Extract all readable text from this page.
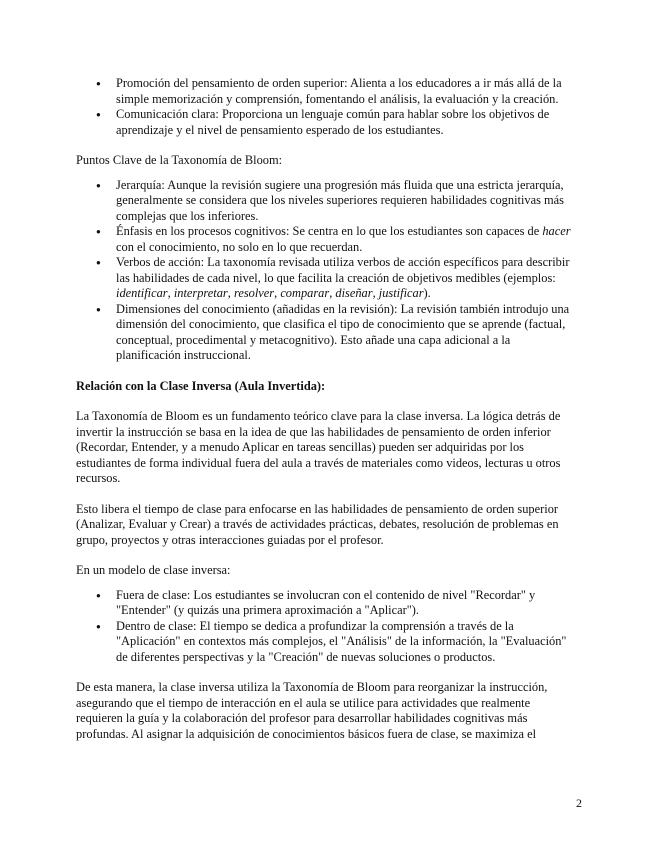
● Promoción del pensamiento de orden superior: Alienta a los educadores a ir más allá de la simple memorización y comprensión, fomentando el análisis, la evaluación y la creación.
● Comunicación clara: Proporciona un lenguaje común para hablar sobre los objetivos de aprendizaje y el nivel de pensamiento esperado de los estudiantes.

Puntos Clave de la Taxonomía de Bloom:

● Jerarquía: Aunque la revisión sugiere una progresión más fluida que una estricta jerarquía, generalmente se considera que los niveles superiores requieren habilidades cognitivas más complejas que los inferiores.
● Énfasis en los procesos cognitivos: Se centra en lo que los estudiantes son capaces de hacer con el conocimiento, no solo en lo que recuerdan.
● Verbos de acción: La taxonomía revisada utiliza verbos de acción específicos para describir las habilidades de cada nivel, lo que facilita la creación de objetivos medibles (ejemplos: identificar, interpretar, resolver, comparar, diseñar, justificar).
● Dimensiones del conocimiento (añadidas en la revisión): La revisión también introdujo una dimensión del conocimiento, que clasifica el tipo de conocimiento que se aprende (factual, conceptual, procedimental y metacognitivo). Esto añade una capa adicional a la planificación instruccional.
Relación con la Clase Inversa (Aula Invertida):

La Taxonomía de Bloom es un fundamento teórico clave para la clase inversa. La lógica detrás de invertir la instrucción se basa en la idea de que las habilidades de pensamiento de orden inferior (Recordar, Entender, y a menudo Aplicar en tareas sencillas) pueden ser adquiridas por los estudiantes de forma individual fuera del aula a través de materiales como videos, lecturas u otros recursos.

Esto libera el tiempo de clase para enfocarse en las habilidades de pensamiento de orden superior (Analizar, Evaluar y Crear) a través de actividades prácticas, debates, resolución de problemas en grupo, proyectos y otras interacciones guiadas por el profesor.

En un modelo de clase inversa:

● Fuera de clase: Los estudiantes se involucran con el contenido de nivel "Recordar" y "Entender" (y quizás una primera aproximación a "Aplicar").
● Dentro de clase: El tiempo se dedica a profundizar la comprensión a través de la "Aplicación" en contextos más complejos, el "Análisis" de la información, la "Evaluación" de diferentes perspectivas y la "Creación" de nuevas soluciones o productos.

De esta manera, la clase inversa utiliza la Taxonomía de Bloom para reorganizar la instrucción, asegurando que el tiempo de interacción en el aula se utilice para actividades que realmente requieren la guía y la colaboración del profesor para desarrollar habilidades cognitivas más profundas. Al asignar la adquisición de conocimientos básicos fuera de clase, se maximiza el

2
